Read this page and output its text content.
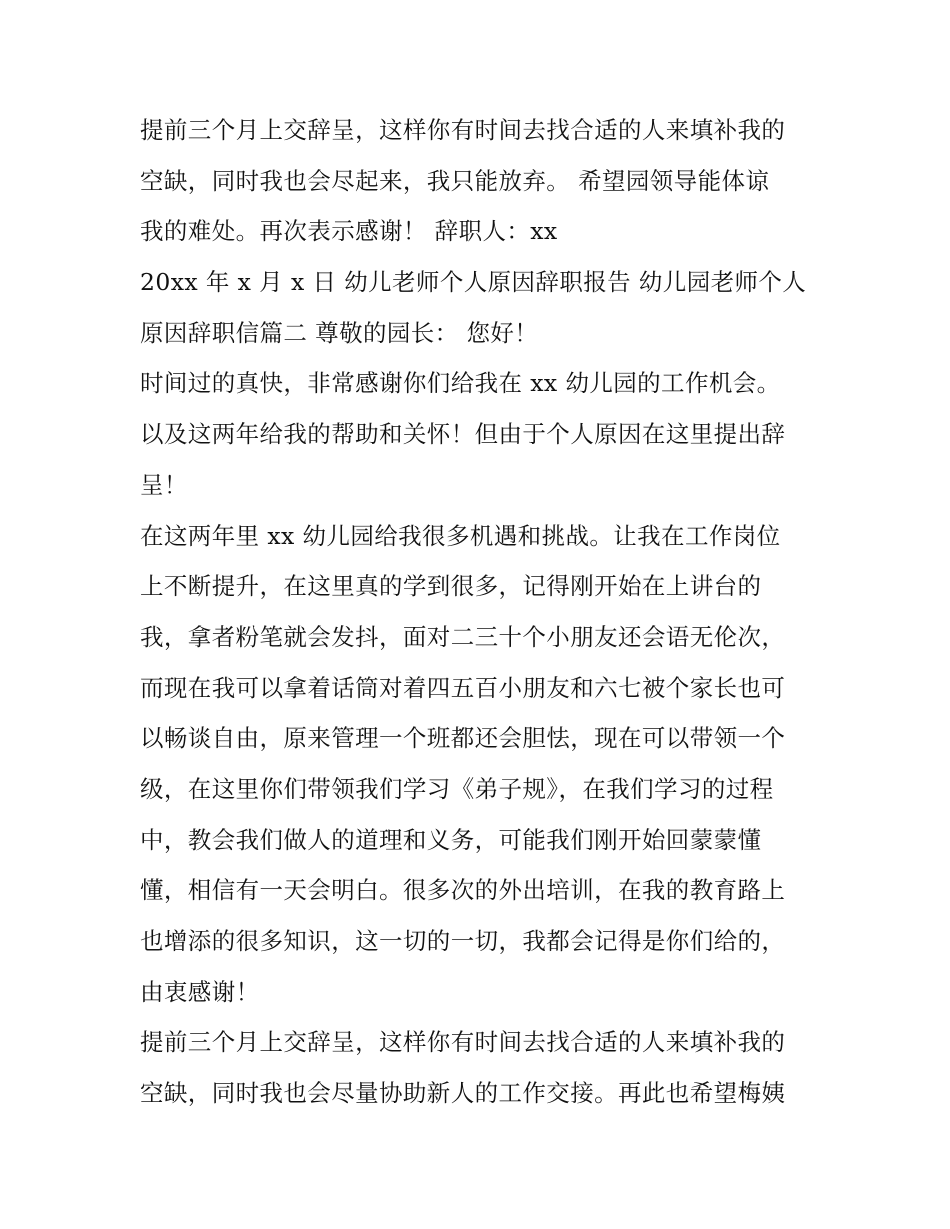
提前三个月上交辞呈，这样你有时间去找合适的人来填补我的
空缺，同时我也会尽起来，我只能放弃。 希望园领导能体谅
我的难处。再次表示感谢！ 辞职人：xx
20xx 年 x 月 x 日 幼儿老师个人原因辞职报告 幼儿园老师个人
原因辞职信篇二 尊敬的园长： 您好！
时间过的真快，非常感谢你们给我在 xx 幼儿园的工作机会。
以及这两年给我的帮助和关怀！但由于个人原因在这里提出辞
呈！
在这两年里 xx 幼儿园给我很多机遇和挑战。让我在工作岗位
上不断提升，在这里真的学到很多，记得刚开始在上讲台的
我，拿者粉笔就会发抖，面对二三十个小朋友还会语无伦次，
而现在我可以拿着话筒对着四五百小朋友和六七被个家长也可
以畅谈自由，原来管理一个班都还会胆怯，现在可以带领一个
级，在这里你们带领我们学习《弟子规》，在我们学习的过程
中，教会我们做人的道理和义务，可能我们刚开始回蒙蒙懂
懂，相信有一天会明白。很多次的外出培训，在我的教育路上
也增添的很多知识，这一切的一切，我都会记得是你们给的，
由衷感谢！
提前三个月上交辞呈，这样你有时间去找合适的人来填补我的
空缺，同时我也会尽量协助新人的工作交接。再此也希望梅姨
